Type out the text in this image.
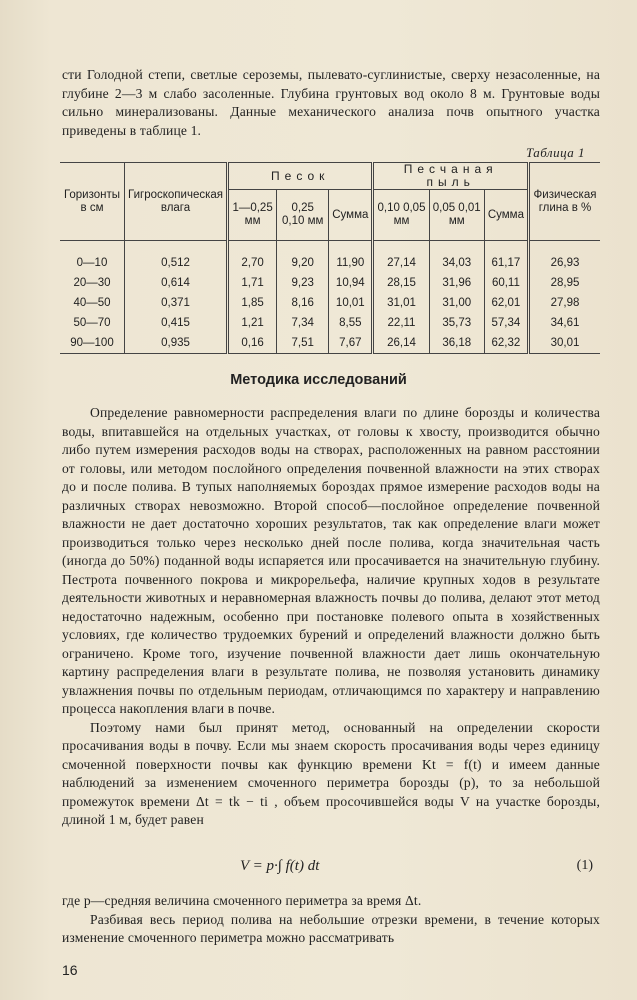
сти Голодной степи, светлые сероземы, пылевато-суглинистые, сверху незасоленные, на глубине 2—3 м слабо засоленные. Глубина грунтовых вод около 8 м. Грунтовые воды сильно минерализованы. Данные механического анализа почв опытного участка приведены в таблице 1.

Таблица 1
Горизонты в см	Гигроскопическая влага	Песок			Песчаная пыль			Физическая глина в %
		1—0,25 мм	0,25 0,10 мм	Сумма	0,10 0,05 мм	0,05 0,01 мм	Сумма	
0—10	0,512	2,70	9,20	11,90	27,14	34,03	61,17	26,93
20—30	0,614	1,71	9,23	10,94	28,15	31,96	60,11	28,95
40—50	0,371	1,85	8,16	10,01	31,01	31,00	62,01	27,98
50—70	0,415	1,21	7,34	8,55	22,11	35,73	57,34	34,61
90—100	0,935	0,16	7,51	7,67	26,14	36,18	62,32	30,01
Методика исследований

Определение равномерности распределения влаги по длине борозды и количества воды, впитавшейся на отдельных участках, от головы к хвосту, производится обычно либо путем измерения расходов воды на створах, расположенных на равном расстоянии от головы, или методом послойного определения почвенной влажности на этих створах до и после полива. В тупых наполняемых бороздах прямое измерение расходов воды на различных створах невозможно. Второй способ—послойное определение почвенной влажности не дает достаточно хороших результатов, так как определение влаги может производиться только через несколько дней после полива, когда значительная часть (иногда до 50%) поданной воды испаряется или просачивается на значительную глубину. Пестрота почвенного покрова и микрорельефа, наличие крупных ходов в результате деятельности животных и неравномерная влажность почвы до полива, делают этот метод недостаточно надежным, особенно при постановке полевого опыта в хозяйственных условиях, где количество трудоемких бурений и определений влажности должно быть ограничено. Кроме того, изучение почвенной влажности дает лишь окончательную картину распределения влаги в результате полива, не позволяя установить динамику увлажнения почвы по отдельным периодам, отличающимся по характеру и направлению процесса накопления влаги в почве.

Поэтому нами был принят метод, основанный на определении скорости просачивания воды в почву. Если мы знаем скорость просачивания воды через единицу смоченной поверхности почвы как функцию времени Kt = f(t) и имеем данные наблюдений за изменением смоченного периметра борозды (p), то за небольшой промежуток времени Δt = tk − ti , объем просочившейся воды V на участке борозды, длиной 1 м, будет равен

V = p·∫ f(t) dt	(1)

где p—средняя величина смоченного периметра за время Δt.

Разбивая весь период полива на небольшие отрезки времени, в течение которых изменение смоченного периметра можно рассматривать

16
